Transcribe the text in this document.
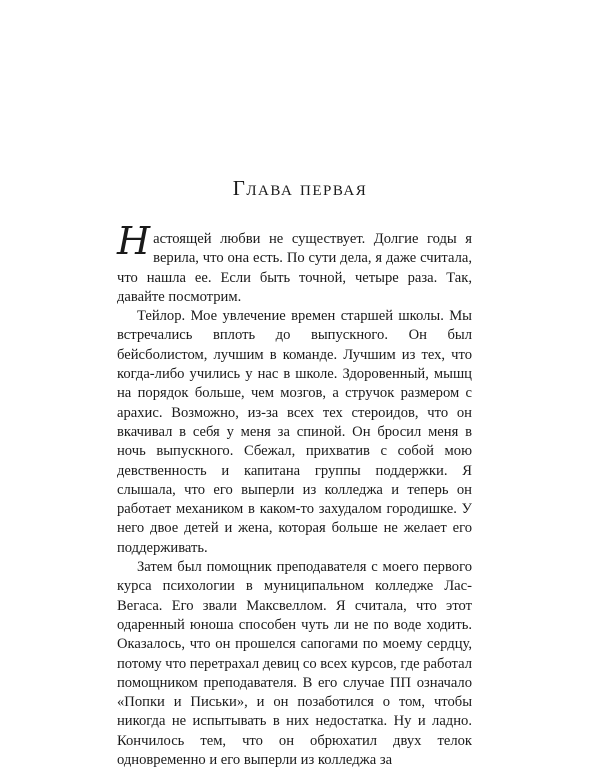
Глава первая

Настоящей любви не существует. Долгие годы я верила, что она есть. По сути дела, я даже считала, что нашла ее. Если быть точной, четыре раза. Так, давайте посмотрим.

Тейлор. Мое увлечение времен старшей школы. Мы встречались вплоть до выпускного. Он был бейсболистом, лучшим в команде. Лучшим из тех, что когда-либо учились у нас в школе. Здоровенный, мышц на порядок больше, чем мозгов, а стручок размером с арахис. Возможно, из-за всех тех стероидов, что он вкачивал в себя у меня за спиной. Он бросил меня в ночь выпускного. Сбежал, прихватив с собой мою девственность и капитана группы поддержки. Я слышала, что его выперли из колледжа и теперь он работает механиком в каком-то захудалом городишке. У него двое детей и жена, которая больше не желает его поддерживать.

Затем был помощник преподавателя с моего первого курса психологии в муниципальном колледже Лас-Вегаса. Его звали Максвеллом. Я считала, что этот одаренный юноша способен чуть ли не по воде ходить. Оказалось, что он прошелся сапогами по моему сердцу, потому что перетрахал девиц со всех курсов, где работал помощником преподавателя. В его случае ПП означало «Попки и Письки», и он позаботился о том, чтобы никогда не испытывать в них недостатка. Ну и ладно. Кончилось тем, что он обрюхатил двух телок одновременно и его выперли из колледжа за
